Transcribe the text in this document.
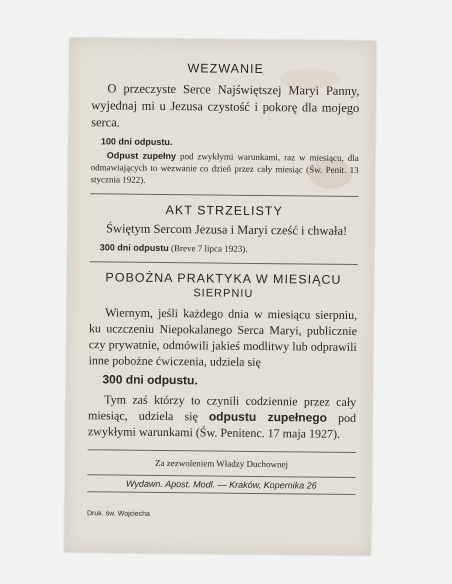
WEZWANIE

O przeczyste Serce Najświętszej Maryi Panny, wyjednaj mi u Jezusa czystość i pokorę dla mojego serca.

100 dni odpustu.

Odpust zupełny pod zwykłymi warunkami, raz w miesiącu, dla odmawiających to wezwanie co dzień przez cały miesiąc (Św. Penit. 13 stycznia 1922).

AKT STRZELISTY

Świętym Sercom Jezusa i Maryi cześć i chwała!

300 dni odpustu (Breve 7 lipca 1923).

POBOŻNA PRAKTYKA W MIESIĄCU

SIERPNIU

Wiernym, jeśli każdego dnia w miesiącu sierpniu, ku uczczeniu Niepokalanego Serca Maryi, publicznie czy prywatnie, odmówili jakieś modlitwy lub odprawili inne pobożne ćwiczenia, udziela się

300 dni odpustu.

Tym zaś którzy to czynili codziennie przez cały miesiąc, udziela się odpustu zupełnego pod zwykłymi warunkami (Św. Penitenc. 17 maja 1927).

Za zezwoleniem Władzy Duchownej

Wydawn. Apost. Modl. — Kraków, Kopernika 26

Druk. św. Wojciecha
